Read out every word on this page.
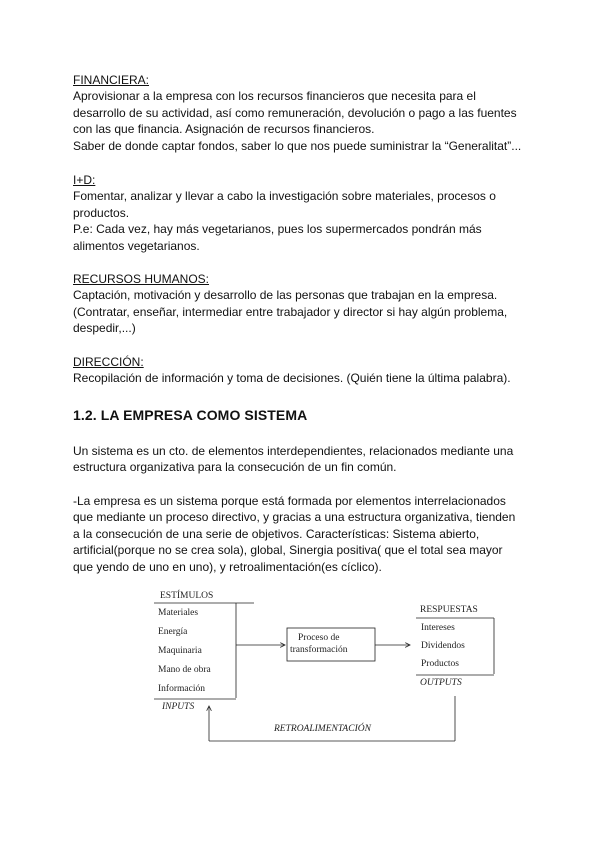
FINANCIERA:

Aprovisionar a la empresa con los recursos financieros que necesita para el

desarrollo de su actividad, así como remuneración, devolución o pago a las fuentes

con las que financia. Asignación de recursos financieros.

Saber de donde captar fondos, saber lo que nos puede suministrar la “Generalitat”...

I+D:

Fomentar, analizar y llevar a cabo la investigación sobre materiales, procesos o

productos.

P.e: Cada vez, hay más vegetarianos, pues los supermercados pondrán más

alimentos vegetarianos.

RECURSOS HUMANOS:

Captación, motivación y desarrollo de las personas que trabajan en la empresa.

(Contratar, enseñar, intermediar entre trabajador y director si hay algún problema,

despedir,...)

DIRECCIÓN:

Recopilación de información y toma de decisiones. (Quién tiene la última palabra).

1.2. LA EMPRESA COMO SISTEMA

Un sistema es un cto. de elementos interdependientes, relacionados mediante una

estructura organizativa para la consecución de un fin común.

-La empresa es un sistema porque está formada por elementos interrelacionados

que mediante un proceso directivo, y gracias a una estructura organizativa, tienden

a la consecución de una serie de objetivos. Características: Sistema abierto,

artificial(porque no se crea sola), global, Sinergia positiva( que el total sea mayor

que yendo de uno en uno), y retroalimentación(es cíclico).

ESTÍMULOS
Materiales
Energía
Maquinaria
Mano de obra
Información
INPUTS
Proceso de
transformación
RESPUESTAS
Intereses
Dividendos
Productos
OUTPUTS
RETROALIMENTACIÓN
